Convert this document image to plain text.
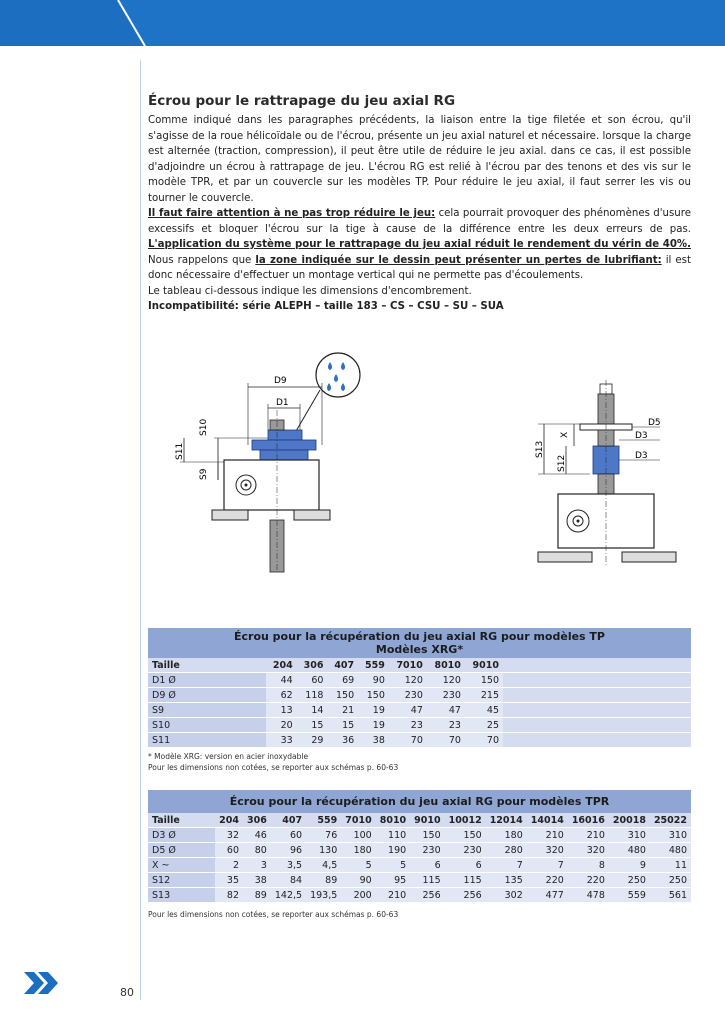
Écrou pour le rattrapage du jeu axial RG

Comme indiqué dans les paragraphes précédents, la liaison entre la tige filetée et son écrou, qu'il s'agisse de la roue hélicoïdale ou de l'écrou, présente un jeu axial naturel et nécessaire. lorsque la charge est alternée (traction, compression), il peut être utile de réduire le jeu axial. dans ce cas, il est possible d'adjoindre un écrou à rattrapage de jeu. L'écrou RG est relié à l'écrou par des tenons et des vis sur le modèle TPR, et par un couvercle sur les modèles TP. Pour réduire le jeu axial, il faut serrer les vis ou tourner le couvercle.

Il faut faire attention à ne pas trop réduire le jeu: cela pourrait provoquer des phénomènes d'usure excessifs et bloquer l'écrou sur la tige à cause de la différence entre les deux erreurs de pas. L'application du système pour le rattrapage du jeu axial réduit le rendement du vérin de 40%. Nous rappelons que la zone indiquée sur le dessin peut présenter un pertes de lubrifiant: il est donc nécessaire d'effectuer un montage vertical qui ne permette pas d'écoulements.

Le tableau ci-dessous indique les dimensions d'encombrement.

Incompatibilité: série ALEPH – taille 183 – CS – CSU – SU – SUA

D9
D1
S10
S11
S9
D5
D3
D3
X
S13
S12
Écrou pour la récupération du jeu axial RG pour modèles TP
Modèles XRG*
Taille	204	306	407	559	7010	8010	9010	
D1 Ø	44	60	69	90	120	120	150	
D9 Ø	62	118	150	150	230	230	215	
S9	13	14	21	19	47	47	45	
S10	20	15	15	19	23	23	25	
S11	33	29	36	38	70	70	70	
* Modèle XRG: version en acier inoxydable
Pour les dimensions non cotées, se reporter aux schémas p. 60-63
Écrou pour la récupération du jeu axial RG pour modèles TPR
Taille	204	306	407	559	7010	8010	9010	10012	12014	14014	16016	20018	25022
D3 Ø	32	46	60	76	100	110	150	150	180	210	210	310	310
D5 Ø	60	80	96	130	180	190	230	230	280	320	320	480	480
X ~	2	3	3,5	4,5	5	5	6	6	7	7	8	9	11
S12	35	38	84	89	90	95	115	115	135	220	220	250	250
S13	82	89	142,5	193,5	200	210	256	256	302	477	478	559	561
Pour les dimensions non cotées, se reporter aux schémas p. 60-63
80
